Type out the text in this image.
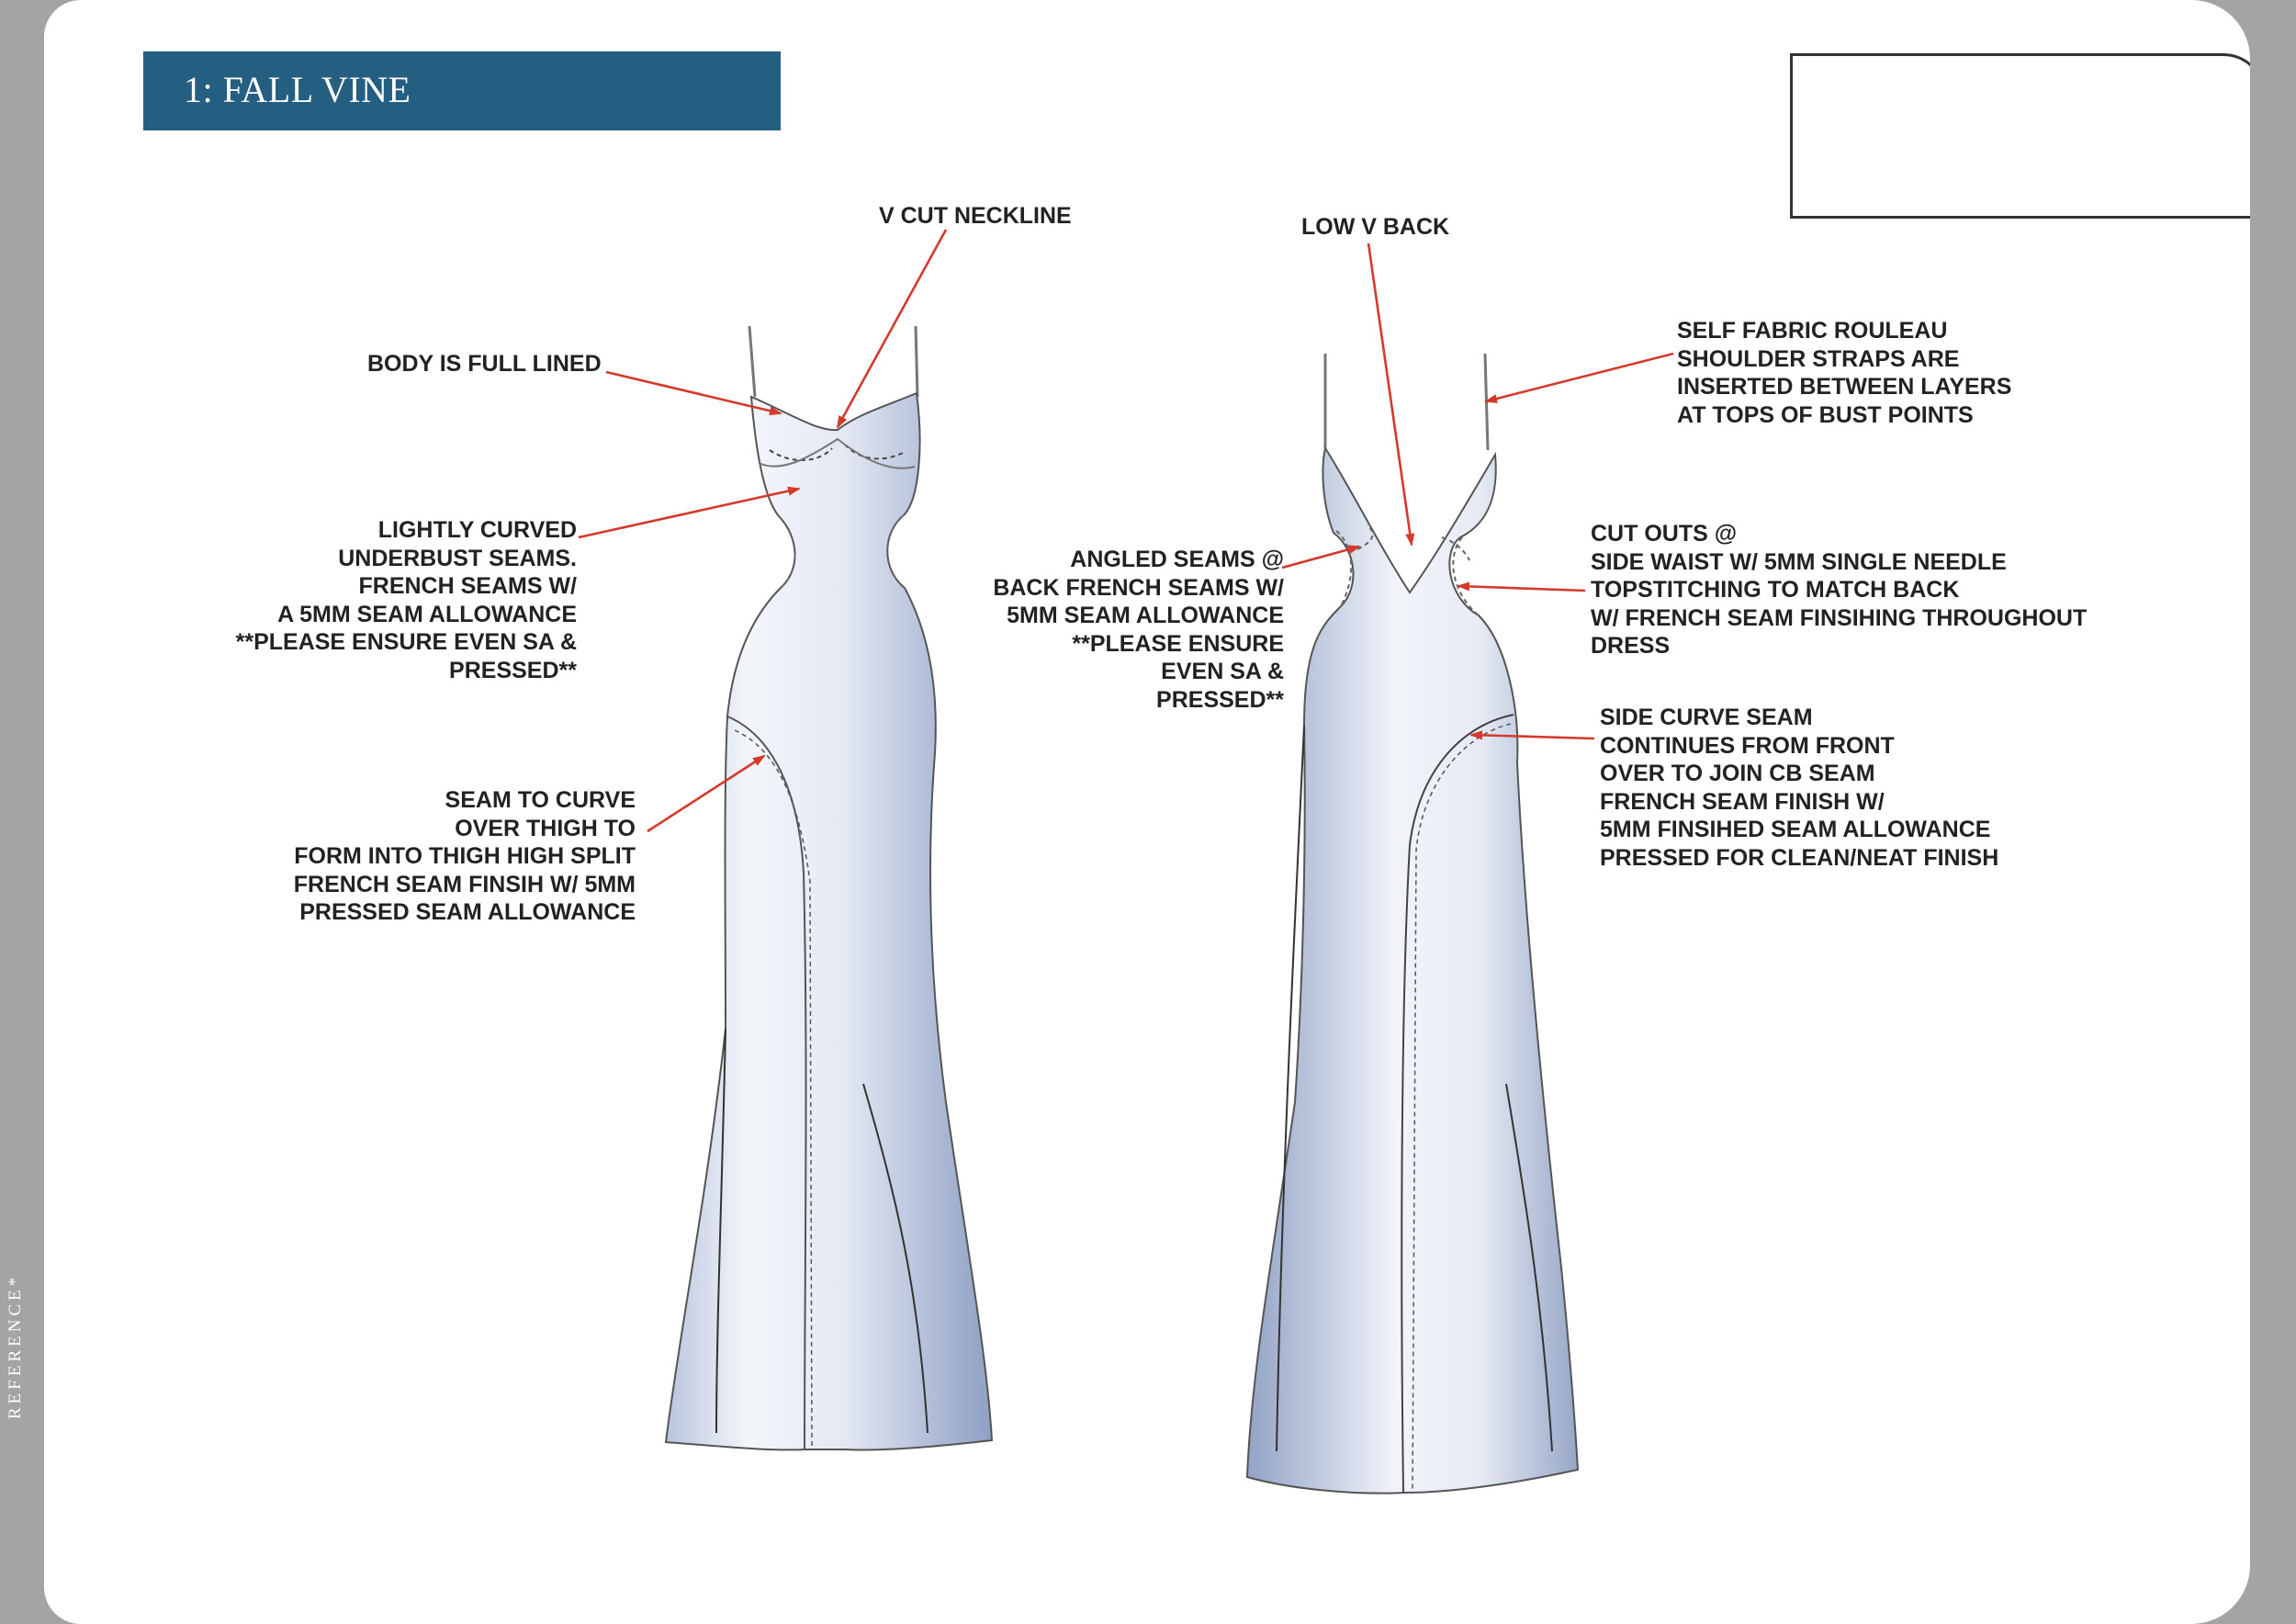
1: FALL VINE
REFERENCE*
V CUT NECKLINE
BODY IS FULL LINED
LIGHTLY CURVED
UNDERBUST SEAMS.
FRENCH SEAMS W/
A 5MM SEAM ALLOWANCE
**PLEASE ENSURE EVEN SA &
PRESSED**
SEAM TO CURVE
OVER THIGH TO
FORM INTO THIGH HIGH SPLIT
FRENCH SEAM FINSIH W/ 5MM
PRESSED SEAM ALLOWANCE
LOW V BACK
SELF FABRIC ROULEAU
SHOULDER STRAPS ARE
INSERTED BETWEEN LAYERS
AT TOPS OF BUST POINTS
ANGLED SEAMS @
BACK FRENCH SEAMS W/
5MM SEAM ALLOWANCE
**PLEASE ENSURE
EVEN SA &
PRESSED**
CUT OUTS @
SIDE WAIST W/ 5MM SINGLE NEEDLE
TOPSTITCHING TO MATCH BACK
W/ FRENCH SEAM FINSIHING THROUGHOUT
DRESS
SIDE CURVE SEAM
CONTINUES FROM FRONT
OVER TO JOIN CB SEAM
FRENCH SEAM FINISH W/
5MM FINSIHED SEAM ALLOWANCE
PRESSED FOR CLEAN/NEAT FINISH
